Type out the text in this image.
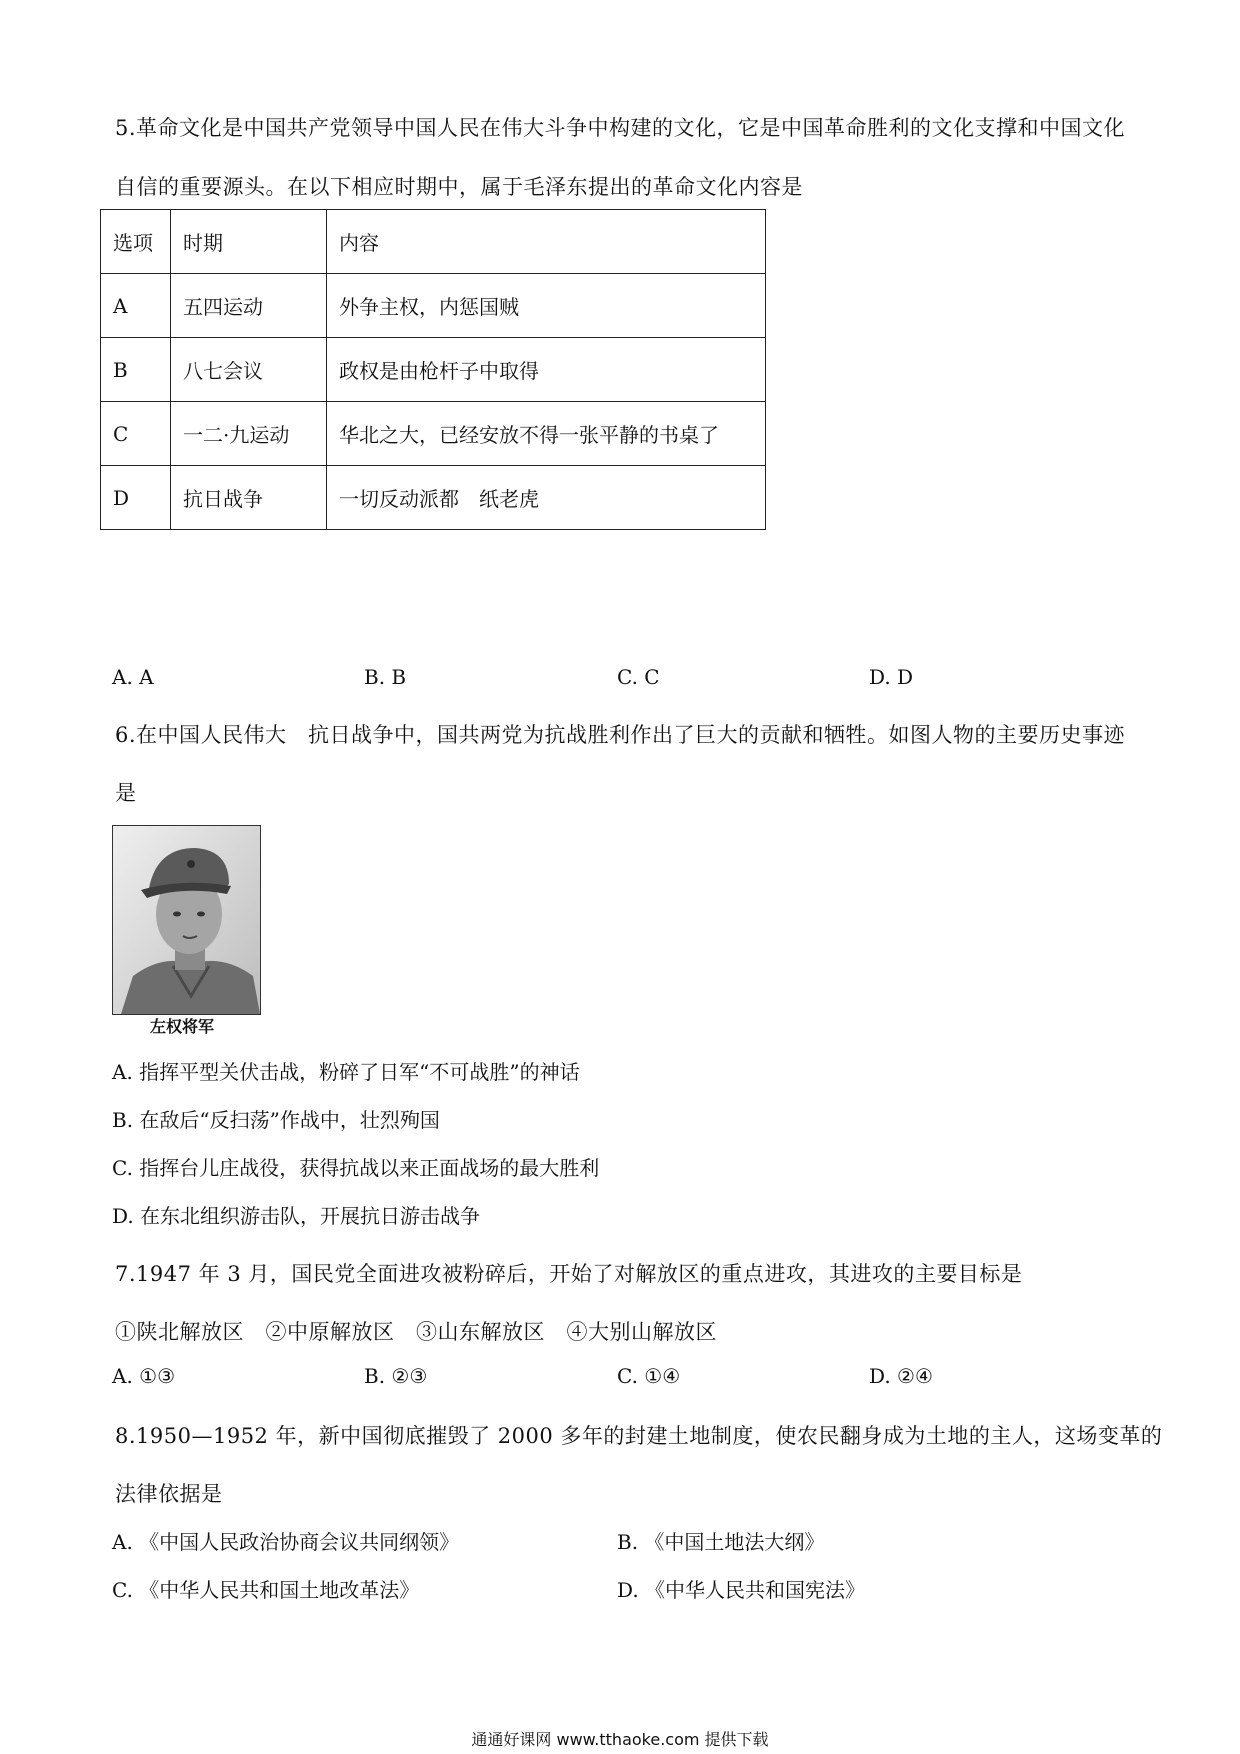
5.革命文化是中国共产党领导中国人民在伟大斗争中构建的文化，它是中国革命胜利的文化支撑和中国文化
自信的重要源头。在以下相应时期中，属于毛泽东提出的革命文化内容是
选项	时期	内容
A	五四运动	外争主权，内惩国贼
B	八七会议	政权是由枪杆子中取得
C	一二·九运动	华北之大，已经安放不得一张平静的书桌了
D	抗日战争	一切反动派都　纸老虎
A. A	B. B	C. C	D. D
6.在中国人民伟大　抗日战争中，国共两党为抗战胜利作出了巨大的贡献和牺牲。如图人物的主要历史事迹
是
左权将军
A. 指挥平型关伏击战，粉碎了日军“不可战胜”的神话
B. 在敌后“反扫荡”作战中，壮烈殉国
C. 指挥台儿庄战役，获得抗战以来正面战场的最大胜利
D. 在东北组织游击队，开展抗日游击战争
7.1947 年 3 月，国民党全面进攻被粉碎后，开始了对解放区的重点进攻，其进攻的主要目标是
①陕北解放区　②中原解放区　③山东解放区　④大别山解放区
A. ①③	B. ②③	C. ①④	D. ②④
8.1950—1952 年，新中国彻底摧毁了 2000 多年的封建土地制度，使农民翻身成为土地的主人，这场变革的
法律依据是
A. 《中国人民政治协商会议共同纲领》	B. 《中国土地法大纲》
C. 《中华人民共和国土地改革法》	D. 《中华人民共和国宪法》
通通好课网 www.tthaoke.com 提供下载
